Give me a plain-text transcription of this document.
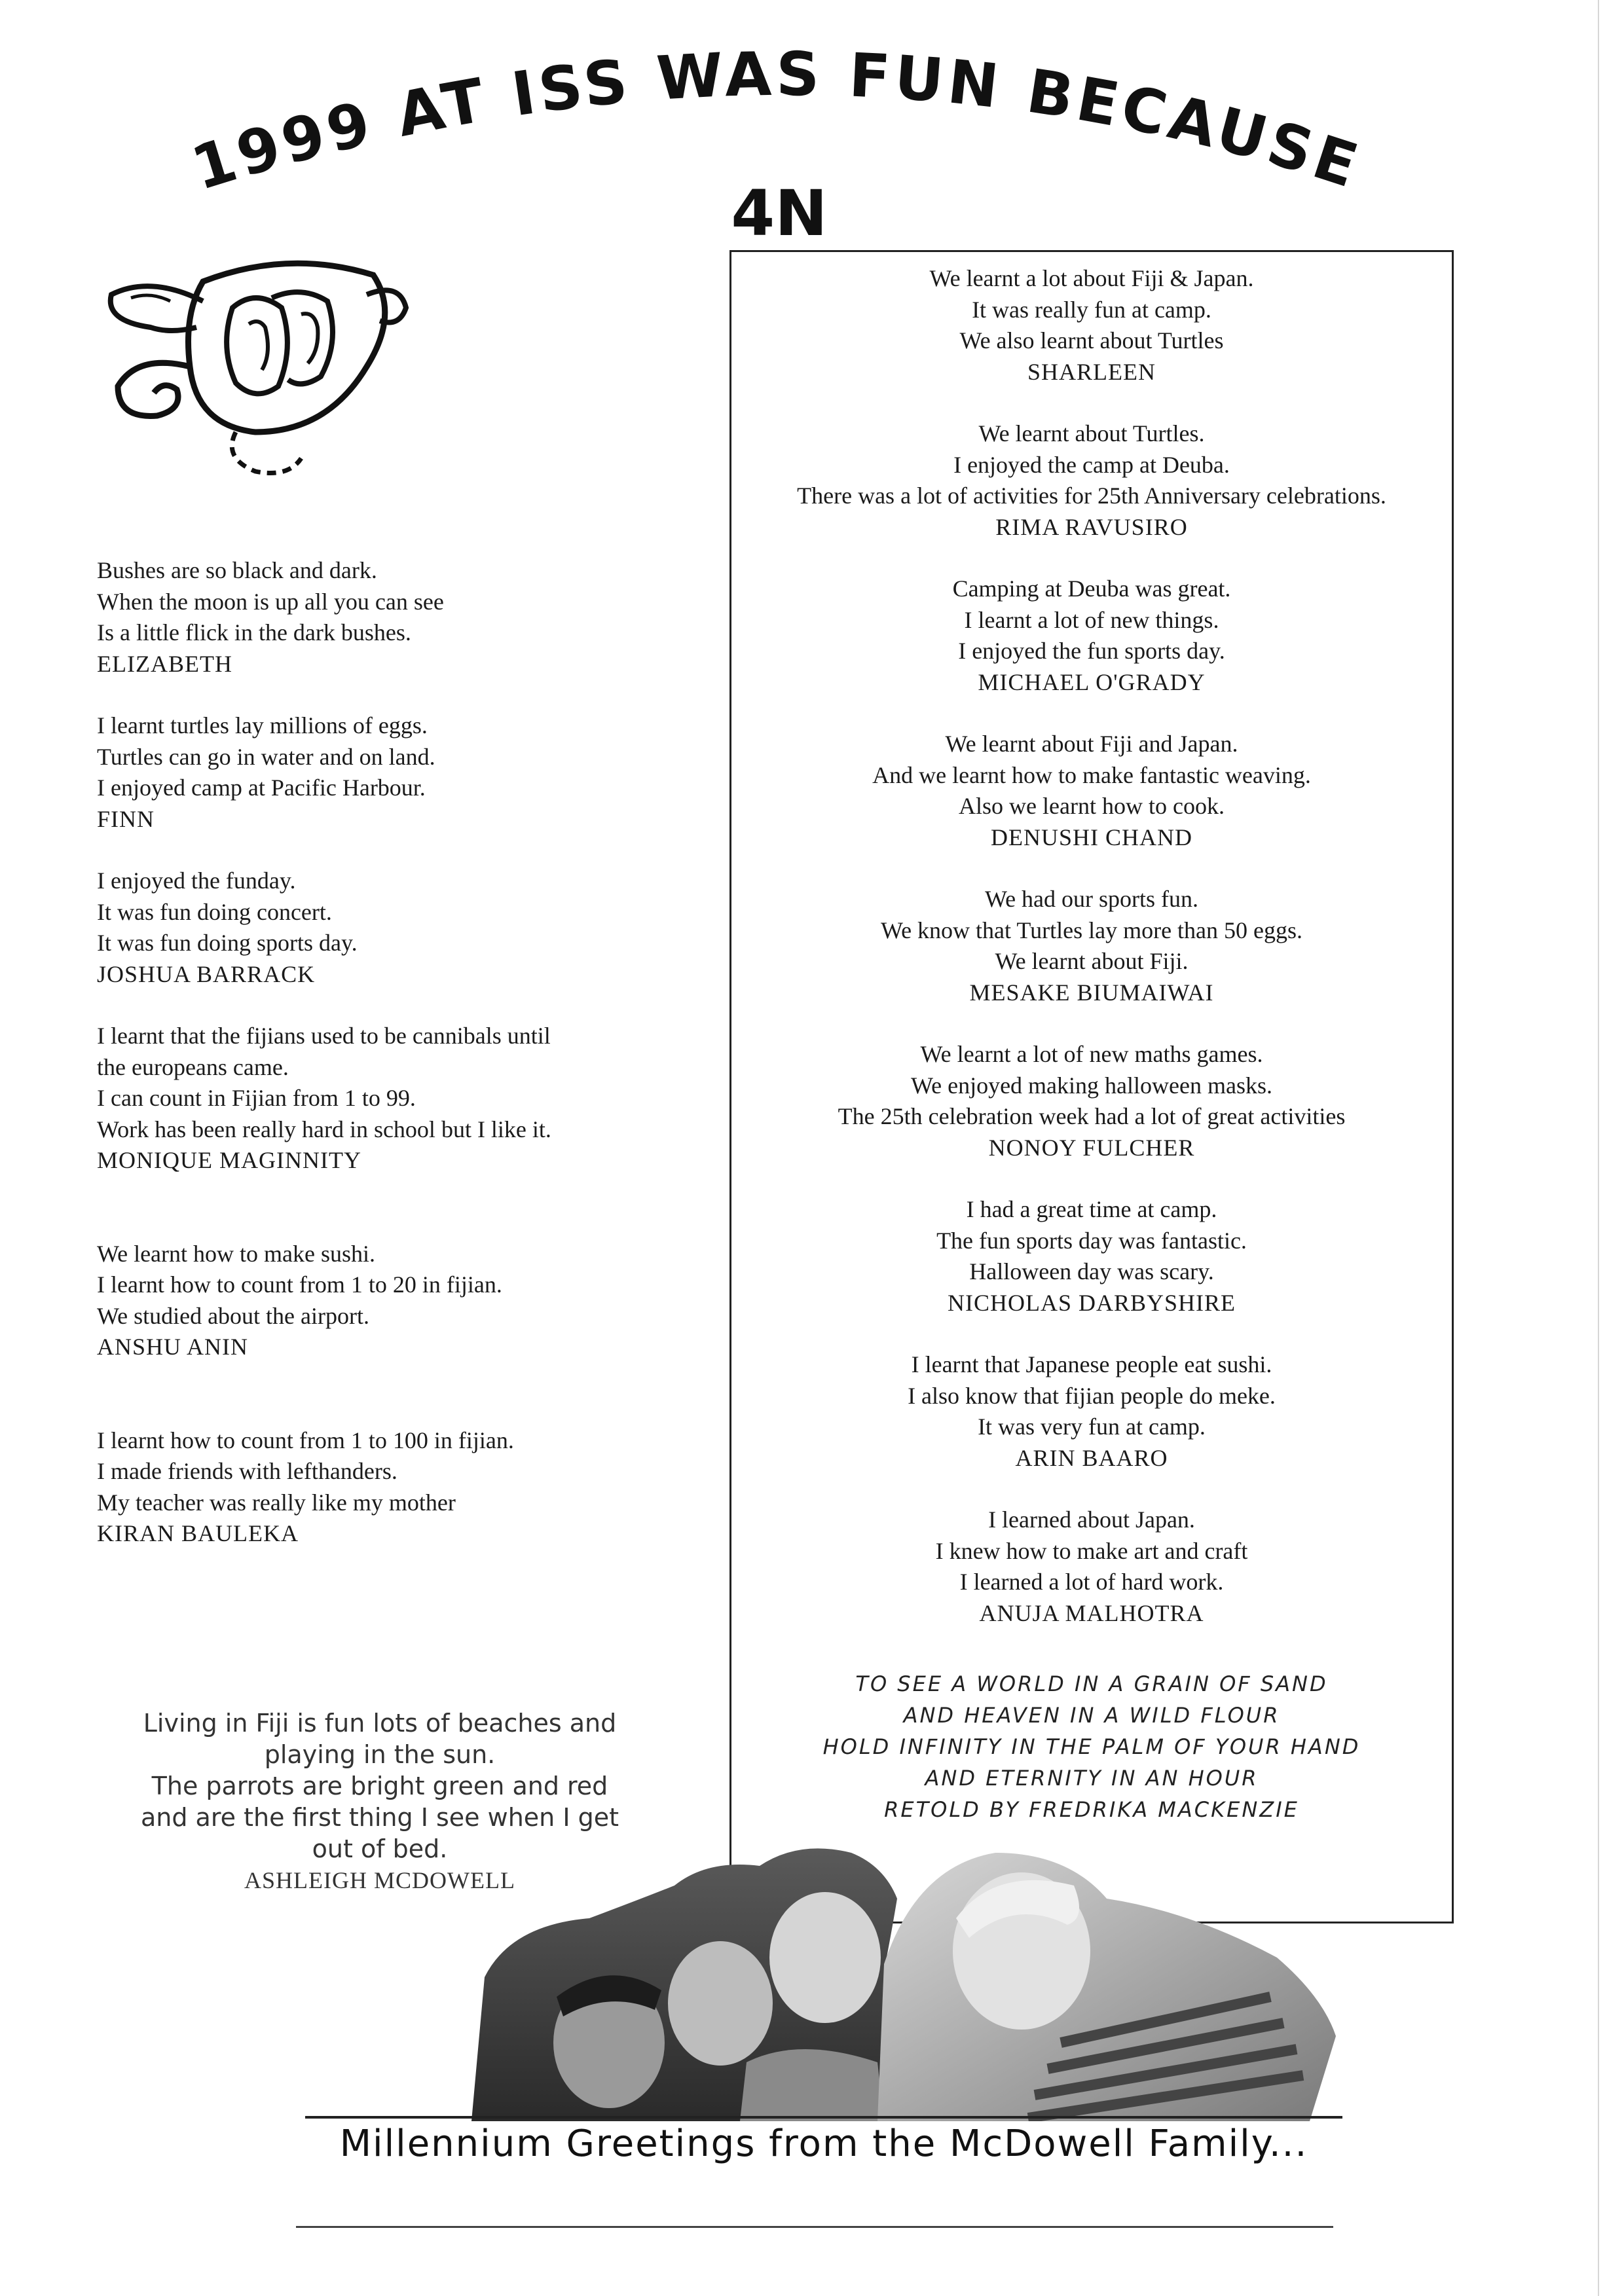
1999 AT ISS WAS FUN BECAUSE
4N
Bushes are so black and dark.
When the moon is up all you can see
Is a little flick in the dark bushes.
ELIZABETH
I learnt turtles lay millions of eggs.
Turtles can go in water and on land.
I enjoyed camp at Pacific Harbour.
FINN
I enjoyed the funday.
It was fun doing concert.
It was fun doing sports day.
JOSHUA BARRACK
I learnt that the fijians used to be cannibals until
the europeans came.
I can count in Fijian from 1 to 99.
Work has been really hard in school but I like it.
MONIQUE MAGINNITY
We learnt how to make sushi.
I learnt how to count from 1 to 20 in fijian.
We studied about the airport.
ANSHU ANIN
I learnt how to count from 1 to 100 in fijian.
I made friends with lefthanders.
My teacher was really like my mother
KIRAN BAULEKA
We learnt a lot about Fiji & Japan.
It was really fun at camp.
We also learnt about Turtles
SHARLEEN
We learnt about Turtles.
I enjoyed the camp at Deuba.
There was a lot of activities for 25th Anniversary celebrations.
RIMA RAVUSIRO
Camping at Deuba was great.
I learnt a lot of new things.
I enjoyed the fun sports day.
MICHAEL O'GRADY
We learnt about Fiji and Japan.
And we learnt how to make fantastic weaving.
Also we learnt how to cook.
DENUSHI CHAND
We had our sports fun.
We know that Turtles lay more than 50 eggs.
We learnt about Fiji.
MESAKE BIUMAIWAI
We learnt a lot of new maths games.
We enjoyed making halloween masks.
The 25th celebration week had a lot of great activities
NONOY FULCHER
I had a great time at camp.
The fun sports day was fantastic.
Halloween day was scary.
NICHOLAS DARBYSHIRE
I learnt that Japanese people eat sushi.
I also know that fijian people do meke.
It was very fun at camp.
ARIN BAARO
I learned about Japan.
I knew how to make art and craft
I learned a lot of hard work.
ANUJA MALHOTRA
TO SEE A WORLD IN A GRAIN OF SAND
AND HEAVEN IN A WILD FLOUR
HOLD INFINITY IN THE PALM OF YOUR HAND
AND ETERNITY IN AN HOUR
RETOLD BY FREDRIKA MACKENZIE
Living in Fiji is fun lots of beaches and
playing in the sun.
The parrots are bright green and red
and are the first thing I see when I get
out of bed.
ASHLEIGH MCDOWELL
Millennium Greetings from the McDowell Family...
